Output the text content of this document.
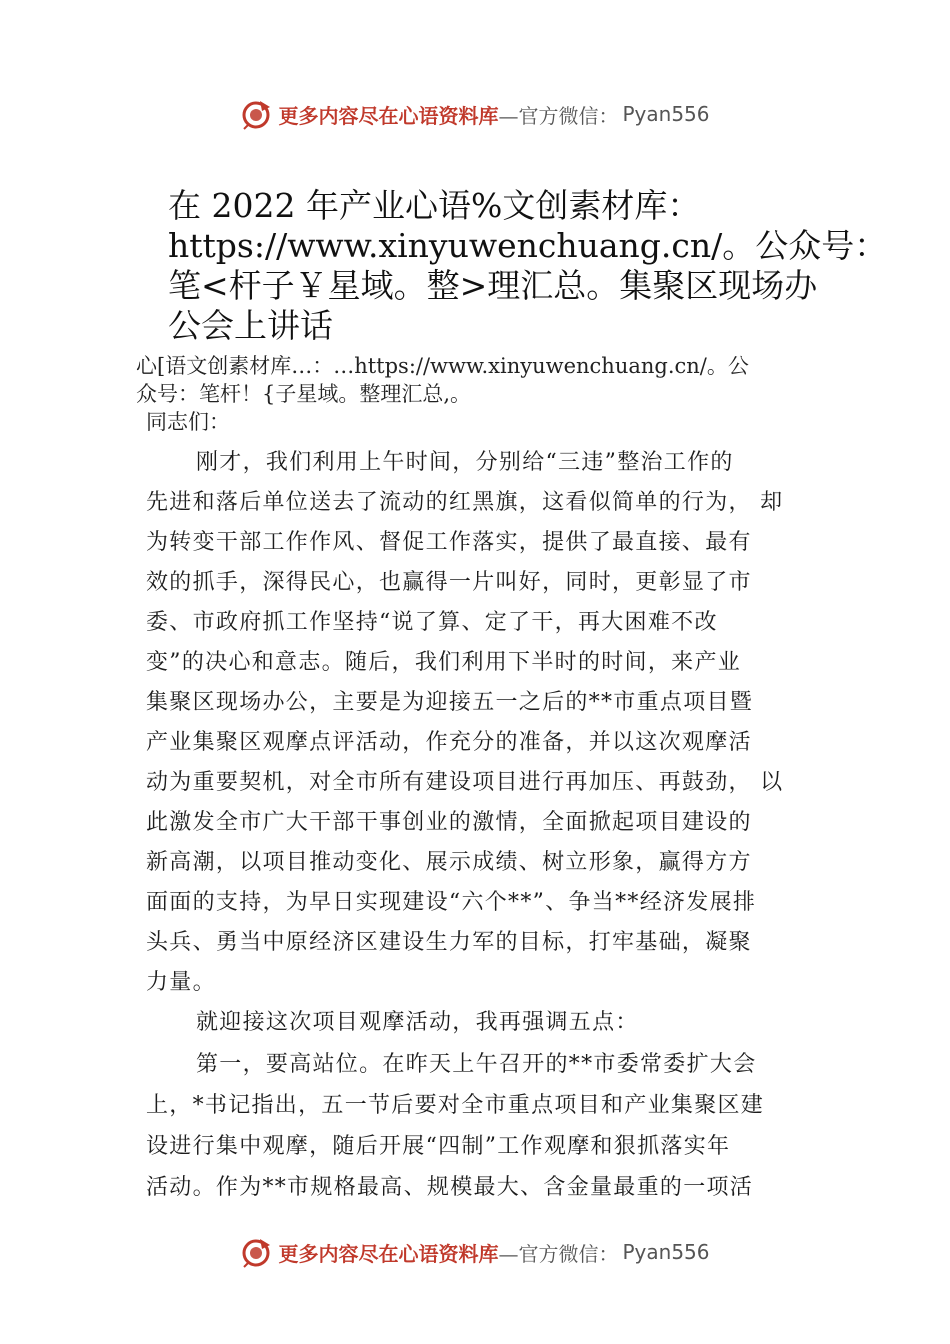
更多内容尽在心语资料库 —官方微信： Pyan556
在 2022 年产业心语%文创素材库：
https://www.xinyuwenchuang.cn/。公众号：
笔<杆子￥星域。整>理汇总。集聚区现场办
公会上讲话
心[语文创素材库…：…https://www.xinyuwenchuang.cn/。公
众号：笔杆！{子星域。整理汇总,。
同志们：
刚才，我们利用上午时间，分别给“三违”整治工作的
先进和落后单位送去了流动的红黑旗，这看似简单的行为， 却
为转变干部工作作风、督促工作落实，提供了最直接、最有
效的抓手，深得民心，也赢得一片叫好，同时，更彰显了市
委、市政府抓工作坚持“说了算、定了干，再大困难不改
变”的决心和意志。随后，我们利用下半时的时间，来产业
集聚区现场办公，主要是为迎接五一之后的**市重点项目暨
产业集聚区观摩点评活动，作充分的准备，并以这次观摩活
动为重要契机，对全市所有建设项目进行再加压、再鼓劲， 以
此激发全市广大干部干事创业的激情，全面掀起项目建设的
新高潮，以项目推动变化、展示成绩、树立形象，赢得方方
面面的支持，为早日实现建设“六个**”、争当**经济发展排
头兵、勇当中原经济区建设生力军的目标，打牢基础，凝聚
力量。
就迎接这次项目观摩活动，我再强调五点：
第一，要高站位。在昨天上午召开的**市委常委扩大会
上，*书记指出，五一节后要对全市重点项目和产业集聚区建
设进行集中观摩，随后开展“四制”工作观摩和狠抓落实年
活动。作为**市规格最高、规模最大、含金量最重的一项活
更多内容尽在心语资料库 —官方微信： Pyan556
